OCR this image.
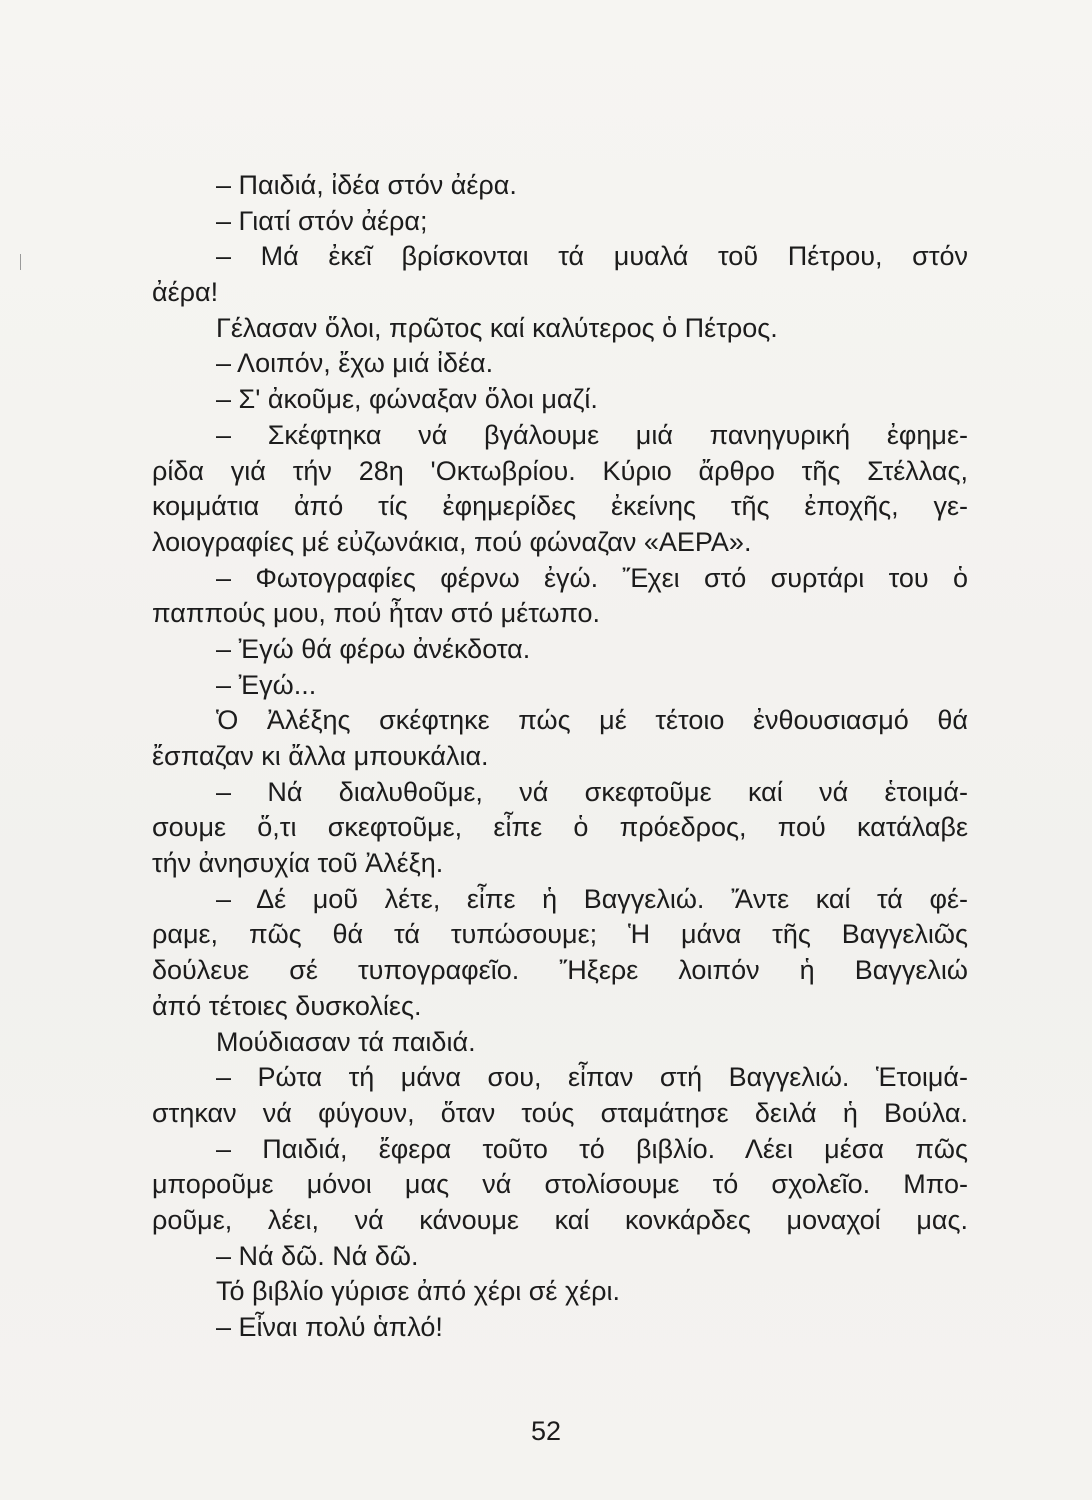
– Παιδιά, ἰδέα στόν ἀέρα.
– Γιατί στόν ἀέρα;
– Μά ἐκεῖ βρίσκονται τά μυαλά τοῦ Πέτρου, στόν
ἀέρα!
Γέλασαν ὅλοι, πρῶτος καί καλύτερος ὁ Πέτρος.
– Λοιπόν, ἔχω μιά ἰδέα.
– Σ' ἀκοῦμε, φώναξαν ὅλοι μαζί.
– Σκέφτηκα νά βγάλουμε μιά πανηγυρική ἐφημε-
ρίδα γιά τήν 28η 'Οκτωβρίου. Κύριο ἄρθρο τῆς Στέλλας,
κομμάτια ἀπό τίς ἐφημερίδες ἐκείνης τῆς ἐποχῆς, γε-
λοιογραφίες μέ εὐζωνάκια, πού φώναζαν «ΑΕΡΑ».
– Φωτογραφίες φέρνω ἐγώ. Ἔχει στό συρτάρι του ὁ
παππούς μου, πού ἦταν στό μέτωπο.
– Ἐγώ θά φέρω ἀνέκδοτα.
– Ἐγώ...
Ὁ Ἀλέξης σκέφτηκε πώς μέ τέτοιο ἐνθουσιασμό θά
ἔσπαζαν κι ἄλλα μπουκάλια.
– Νά διαλυθοῦμε, νά σκεφτοῦμε καί νά ἑτοιμά-
σουμε ὅ,τι σκεφτοῦμε, εἶπε ὁ πρόεδρος, πού κατάλαβε
τήν ἀνησυχία τοῦ Ἀλέξη.
– Δέ μοῦ λέτε, εἶπε ἡ Βαγγελιώ. Ἄντε καί τά φέ-
ραμε, πῶς θά τά τυπώσουμε; Ἡ μάνα τῆς Βαγγελιῶς
δούλευε σέ τυπογραφεῖο. Ἤξερε λοιπόν ἡ Βαγγελιώ
ἀπό τέτοιες δυσκολίες.
Μούδιασαν τά παιδιά.
– Ρώτα τή μάνα σου, εἶπαν στή Βαγγελιώ. Ἑτοιμά-
στηκαν νά φύγουν, ὅταν τούς σταμάτησε δειλά ἡ Βούλα.
– Παιδιά, ἔφερα τοῦτο τό βιβλίο. Λέει μέσα πῶς
μποροῦμε μόνοι μας νά στολίσουμε τό σχολεῖο. Μπο-
ροῦμε, λέει, νά κάνουμε καί κονκάρδες μοναχοί μας.
– Νά δῶ. Νά δῶ.
Τό βιβλίο γύρισε ἀπό χέρι σέ χέρι.
– Εἶναι πολύ ἁπλό!
52
